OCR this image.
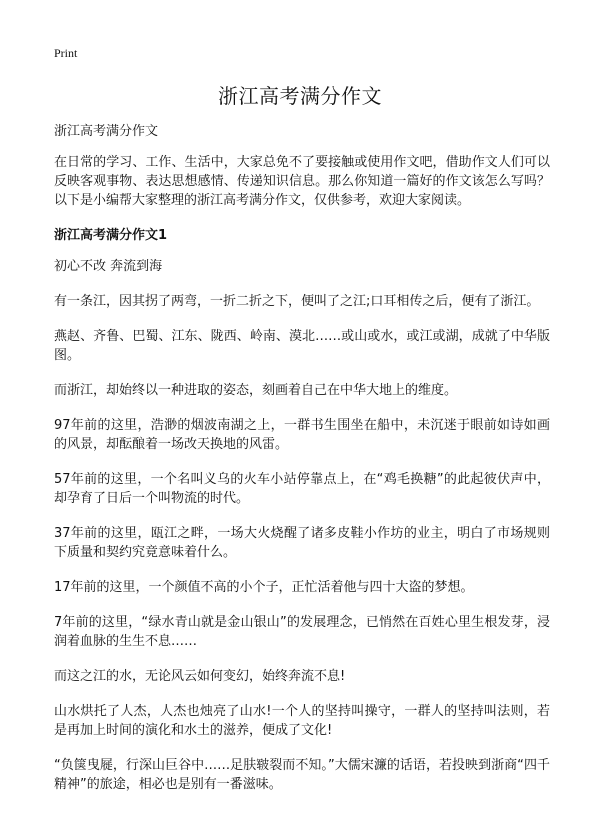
Print
浙江高考满分作文

浙江高考满分作文

在日常的学习、工作、生活中，大家总免不了要接触或使用作文吧，借助作文人们可以反映客观事物、表达思想感情、传递知识信息。那么你知道一篇好的作文该怎么写吗？以下是小编帮大家整理的浙江高考满分作文，仅供参考，欢迎大家阅读。

浙江高考满分作文1

初心不改 奔流到海

有一条江，因其拐了两弯，一折二折之下，便叫了之江;口耳相传之后，便有了浙江。

燕赵、齐鲁、巴蜀、江东、陇西、岭南、漠北……或山或水，或江或湖，成就了中华版图。

而浙江，却始终以一种进取的姿态，刻画着自己在中华大地上的维度。

97年前的这里，浩渺的烟波南湖之上，一群书生围坐在船中，未沉迷于眼前如诗如画的风景，却酝酿着一场改天换地的风雷。

57年前的这里，一个名叫义乌的火车小站停靠点上，在“鸡毛换糖”的此起彼伏声中，却孕育了日后一个叫物流的时代。

37年前的这里，瓯江之畔，一场大火烧醒了诸多皮鞋小作坊的业主，明白了市场规则下质量和契约究竟意味着什么。

17年前的这里，一个颜值不高的小个子，正忙活着他与四十大盗的梦想。

7年前的这里，“绿水青山就是金山银山”的发展理念，已悄然在百姓心里生根发芽，浸润着血脉的生生不息……

而这之江的水，无论风云如何变幻，始终奔流不息!

山水烘托了人杰，人杰也烛亮了山水!一个人的坚持叫操守，一群人的坚持叫法则，若是再加上时间的演化和水土的滋养，便成了文化!

“负箧曳屣，行深山巨谷中……足肤皲裂而不知。”大儒宋濂的话语，若投映到浙商“四千精神”的旅途，相必也是别有一番滋味。
